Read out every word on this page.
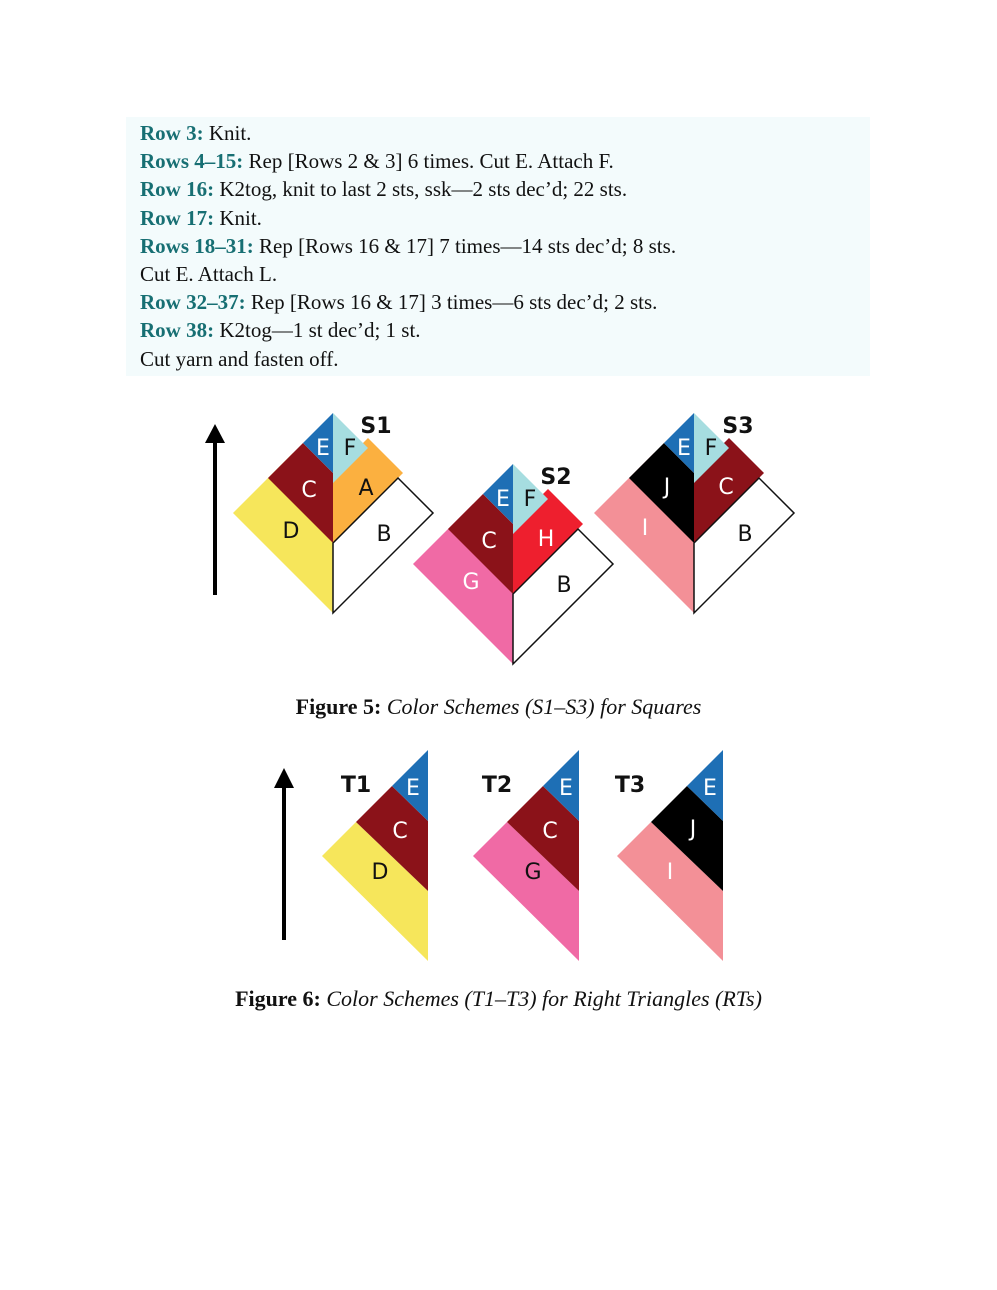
Row 3: Knit.
Rows 4–15: Rep [Rows 2 & 3] 6 times. Cut E. Attach F.
Row 16: K2tog, knit to last 2 sts, ssk—2 sts dec’d; 22 sts.
Row 17: Knit.
Rows 18–31: Rep [Rows 16 & 17] 7 times—14 sts dec’d; 8 sts.
Cut E. Attach L.
Row 32–37: Rep [Rows 16 & 17] 3 times—6 sts dec’d; 2 sts.
Row 38: K2tog—1 st dec’d; 1 st.
Cut yarn and fasten off.
E F
C A
D	B
S1
E F
C H
G	B
S2
E F
J C
I	B
S3
Figure 5: Color Schemes (S1–S3) for Squares
E
C
D
T1	E
C
G
T2	E
J
I
T3
Figure 6: Color Schemes (T1–T3) for Right Triangles (RTs)
